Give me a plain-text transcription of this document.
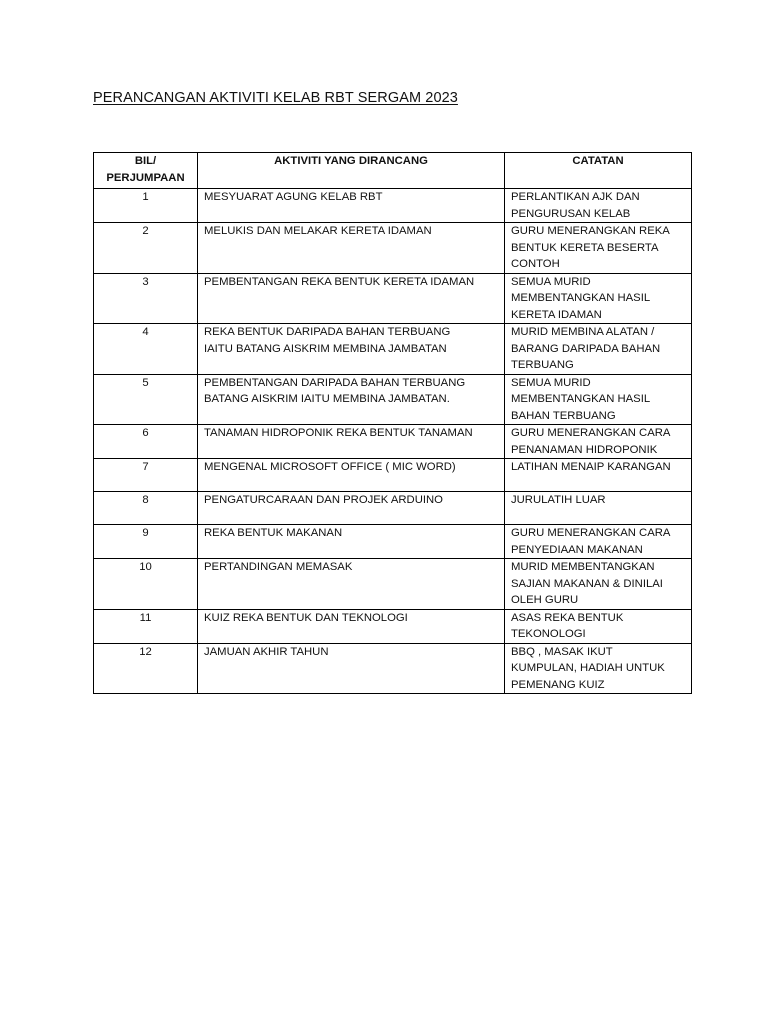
PERANCANGAN AKTIVITI KELAB RBT SERGAM 2023
BIL/
PERJUMPAAN	AKTIVITI YANG DIRANCANG	CATATAN

1	MESYUARAT AGUNG KELAB RBT	PERLANTIKAN AJK DAN
PENGURUSAN KELAB

2	MELUKIS DAN MELAKAR KERETA IDAMAN	GURU MENERANGKAN REKA
BENTUK KERETA BESERTA
CONTOH

3	PEMBENTANGAN REKA BENTUK KERETA IDAMAN	SEMUA MURID
MEMBENTANGKAN HASIL
KERETA IDAMAN

4	REKA BENTUK DARIPADA BAHAN TERBUANG
IAITU BATANG AISKRIM MEMBINA JAMBATAN	MURID MEMBINA ALATAN /
BARANG DARIPADA BAHAN
TERBUANG

5	PEMBENTANGAN DARIPADA BAHAN TERBUANG
BATANG AISKRIM IAITU MEMBINA JAMBATAN.	SEMUA MURID
MEMBENTANGKAN HASIL
BAHAN TERBUANG

6	TANAMAN HIDROPONIK REKA BENTUK TANAMAN	GURU MENERANGKAN CARA
PENANAMAN HIDROPONIK

7	MENGENAL MICROSOFT OFFICE ( MIC WORD)	LATIHAN MENAIP KARANGAN

8	PENGATURCARAAN DAN PROJEK ARDUINO	JURULATIH LUAR

9	REKA BENTUK MAKANAN	GURU MENERANGKAN CARA
PENYEDIAAN MAKANAN

10	PERTANDINGAN MEMASAK	MURID MEMBENTANGKAN
SAJIAN MAKANAN & DINILAI
OLEH GURU

11	KUIZ REKA BENTUK DAN TEKNOLOGI	ASAS REKA BENTUK
TEKONOLOGI

12	JAMUAN AKHIR TAHUN	BBQ , MASAK IKUT
KUMPULAN, HADIAH UNTUK
PEMENANG KUIZ
